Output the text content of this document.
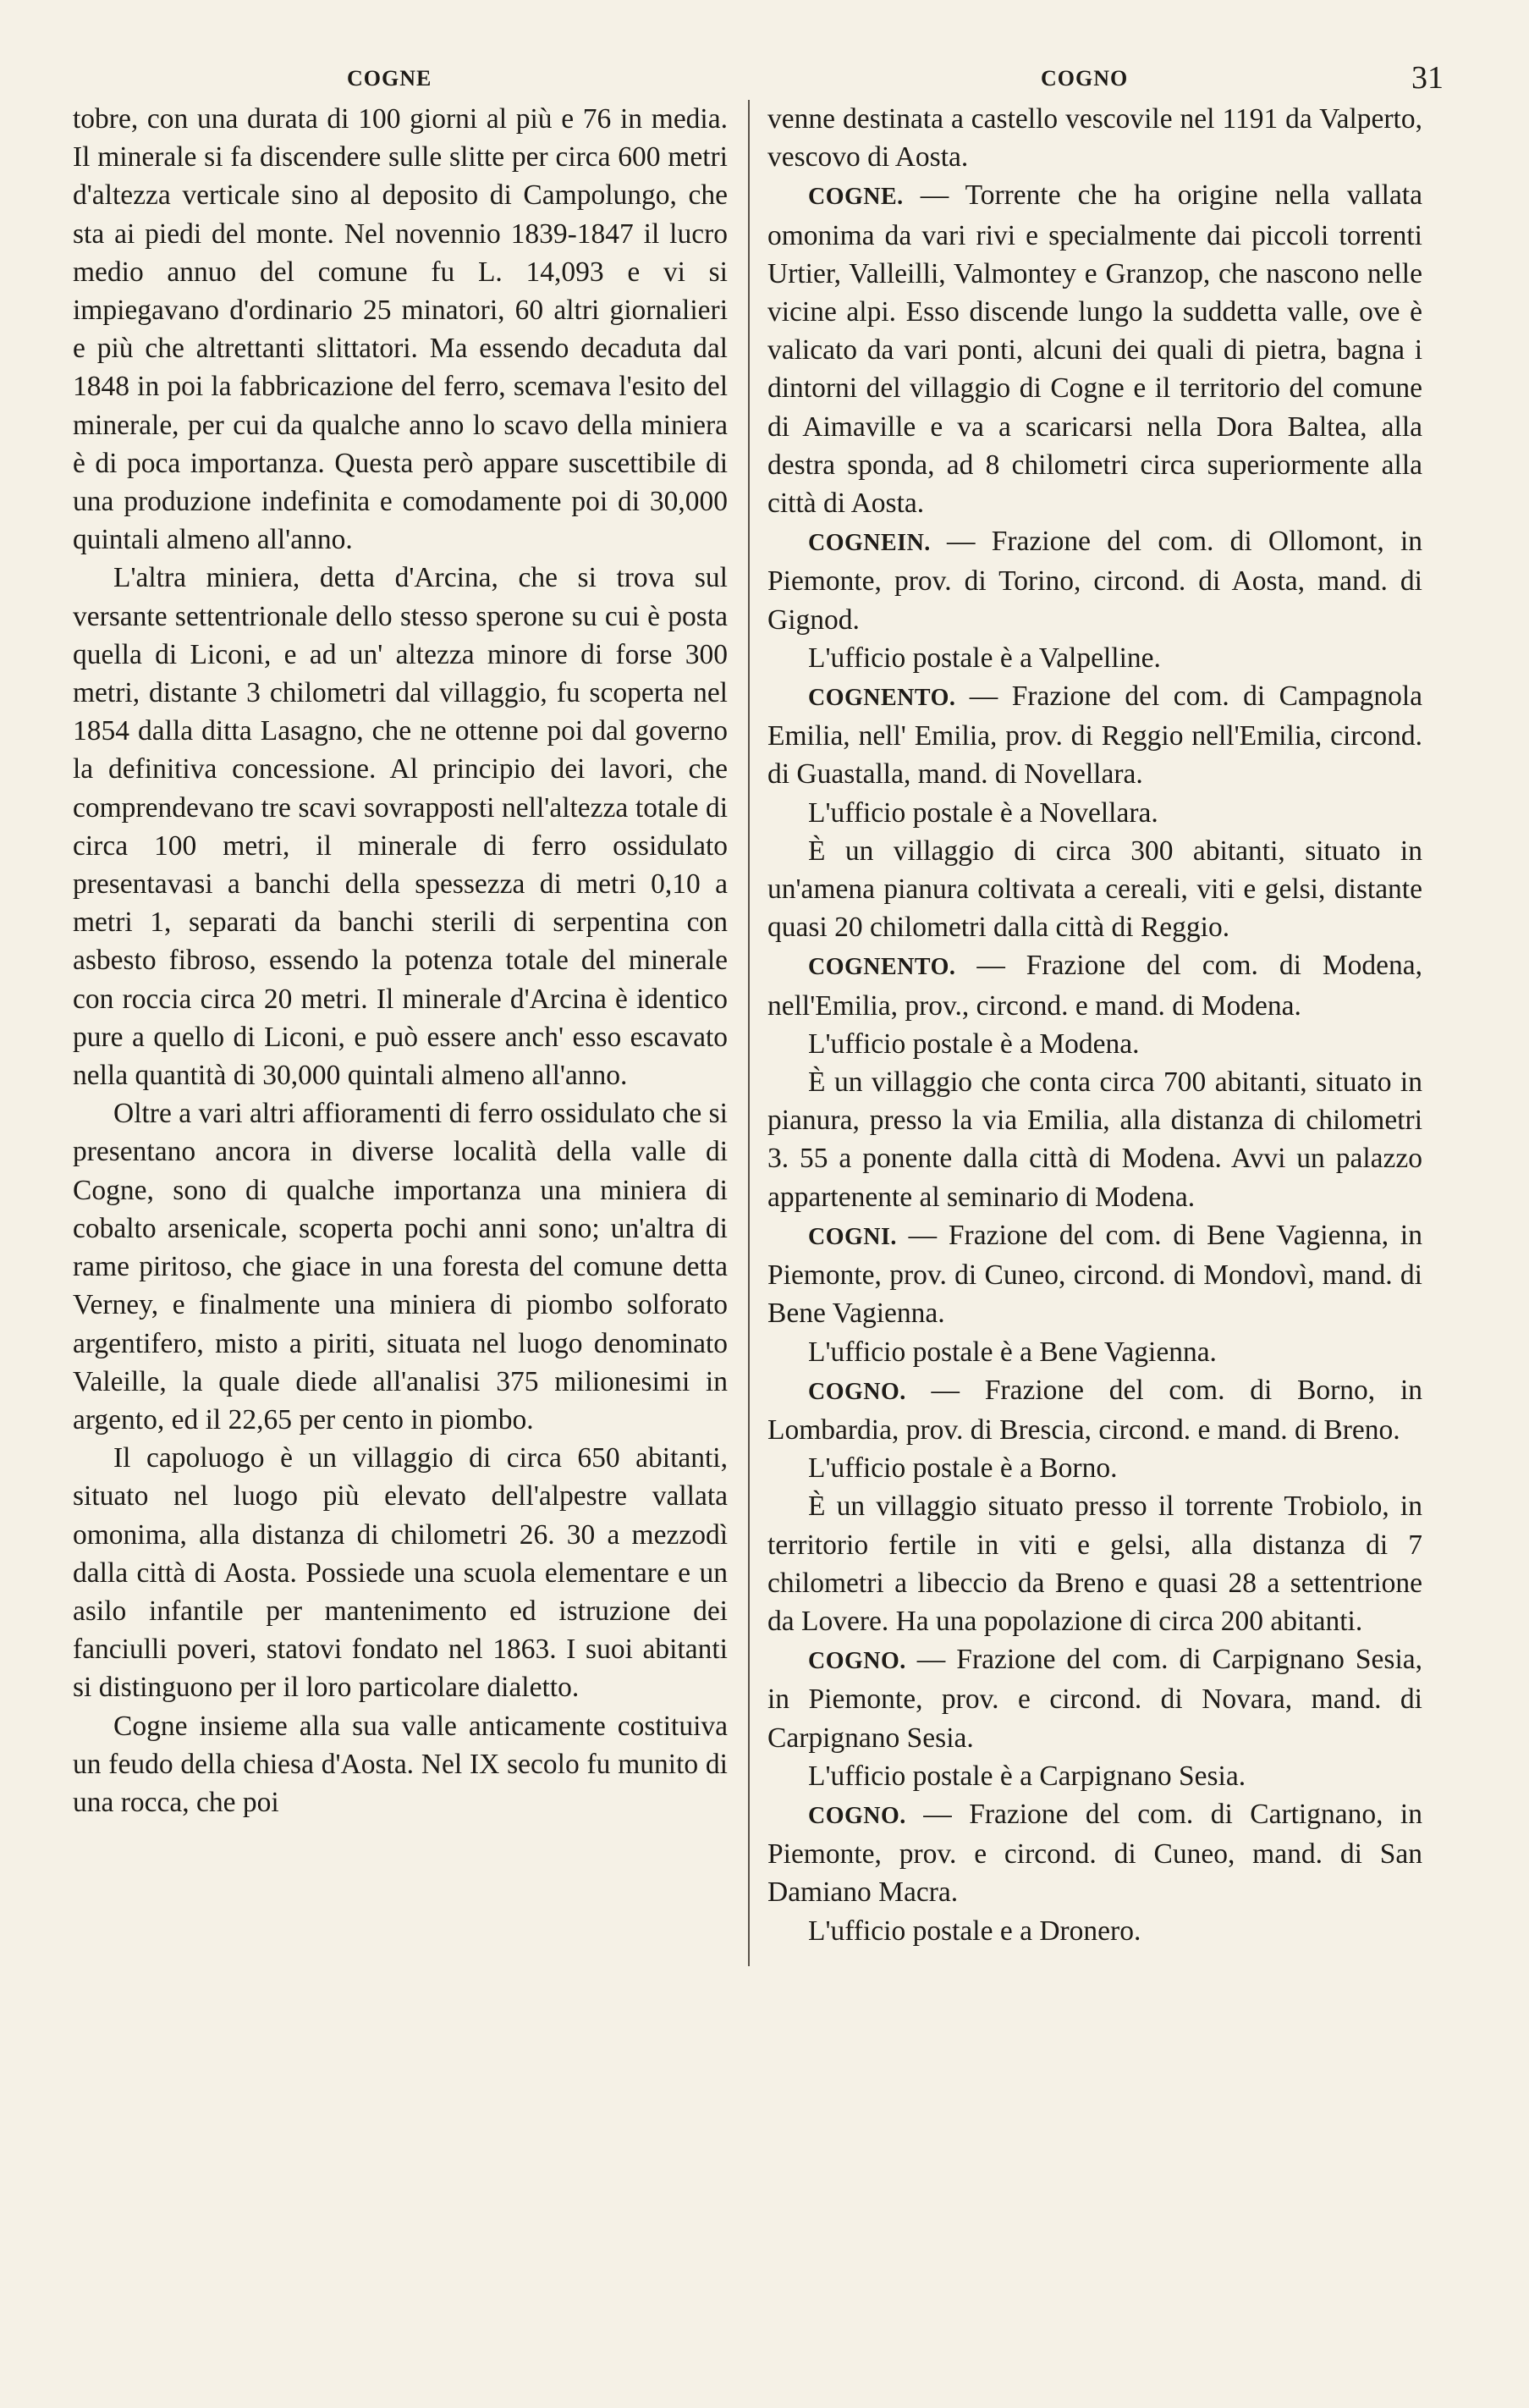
COGNE	COGNO	31

tobre, con una durata di 100 giorni al più e 76 in media. Il minerale si fa discendere sulle slitte per circa 600 metri d'altezza verticale sino al deposito di Campolungo, che sta ai piedi del monte. Nel novennio 1839-1847 il lucro medio annuo del comune fu L. 14,093 e vi si impiegavano d'ordinario 25 minatori, 60 altri giornalieri e più che altrettanti slittatori. Ma essendo decaduta dal 1848 in poi la fabbricazione del ferro, scemava l'esito del minerale, per cui da qualche anno lo scavo della miniera è di poca importanza. Questa però appare suscettibile di una produzione indefinita e comodamente poi di 30,000 quintali almeno all'anno.

L'altra miniera, detta d'Arcina, che si trova sul versante settentrionale dello stesso sperone su cui è posta quella di Liconi, e ad un' altezza minore di forse 300 metri, distante 3 chilometri dal villaggio, fu scoperta nel 1854 dalla ditta Lasagno, che ne ottenne poi dal governo la definitiva concessione. Al principio dei lavori, che comprendevano tre scavi sovrapposti nell'altezza totale di circa 100 metri, il minerale di ferro ossidulato presentavasi a banchi della spessezza di metri 0,10 a metri 1, separati da banchi sterili di serpentina con asbesto fibroso, essendo la potenza totale del minerale con roccia circa 20 metri. Il minerale d'Arcina è identico pure a quello di Liconi, e può essere anch' esso escavato nella quantità di 30,000 quintali almeno all'anno.

Oltre a vari altri affioramenti di ferro ossidulato che si presentano ancora in diverse località della valle di Cogne, sono di qualche importanza una miniera di cobalto arsenicale, scoperta pochi anni sono; un'altra di rame piritoso, che giace in una foresta del comune detta Verney, e finalmente una miniera di piombo solforato argentifero, misto a piriti, situata nel luogo denominato Valeille, la quale diede all'analisi 375 milionesimi in argento, ed il 22,65 per cento in piombo.

Il capoluogo è un villaggio di circa 650 abitanti, situato nel luogo più elevato dell'alpestre vallata omonima, alla distanza di chilometri 26. 30 a mezzodì dalla città di Aosta. Possiede una scuola elementare e un asilo infantile per mantenimento ed istruzione dei fanciulli poveri, statovi fondato nel 1863. I suoi abitanti si distinguono per il loro particolare dialetto.

Cogne insieme alla sua valle anticamente costituiva un feudo della chiesa d'Aosta. Nel IX secolo fu munito di una rocca, che poi

venne destinata a castello vescovile nel 1191 da Valperto, vescovo di Aosta.

COGNE. — Torrente che ha origine nella vallata omonima da vari rivi e specialmente dai piccoli torrenti Urtier, Valleilli, Valmontey e Granzop, che nascono nelle vicine alpi. Esso discende lungo la suddetta valle, ove è valicato da vari ponti, alcuni dei quali di pietra, bagna i dintorni del villaggio di Cogne e il territorio del comune di Aimaville e va a scaricarsi nella Dora Baltea, alla destra sponda, ad 8 chilometri circa superiormente alla città di Aosta.

COGNEIN. — Frazione del com. di Ollomont, in Piemonte, prov. di Torino, circond. di Aosta, mand. di Gignod.

L'ufficio postale è a Valpelline.

COGNENTO. — Frazione del com. di Campagnola Emilia, nell' Emilia, prov. di Reggio nell'Emilia, circond. di Guastalla, mand. di Novellara.

L'ufficio postale è a Novellara.

È un villaggio di circa 300 abitanti, situato in un'amena pianura coltivata a cereali, viti e gelsi, distante quasi 20 chilometri dalla città di Reggio.

COGNENTO. — Frazione del com. di Modena, nell'Emilia, prov., circond. e mand. di Modena.

L'ufficio postale è a Modena.

È un villaggio che conta circa 700 abitanti, situato in pianura, presso la via Emilia, alla distanza di chilometri 3. 55 a ponente dalla città di Modena. Avvi un palazzo appartenente al seminario di Modena.

COGNI. — Frazione del com. di Bene Vagienna, in Piemonte, prov. di Cuneo, circond. di Mondovì, mand. di Bene Vagienna.

L'ufficio postale è a Bene Vagienna.

COGNO. — Frazione del com. di Borno, in Lombardia, prov. di Brescia, circond. e mand. di Breno.

L'ufficio postale è a Borno.

È un villaggio situato presso il torrente Trobiolo, in territorio fertile in viti e gelsi, alla distanza di 7 chilometri a libeccio da Breno e quasi 28 a settentrione da Lovere. Ha una popolazione di circa 200 abitanti.

COGNO. — Frazione del com. di Carpignano Sesia, in Piemonte, prov. e circond. di Novara, mand. di Carpignano Sesia.

L'ufficio postale è a Carpignano Sesia.

COGNO. — Frazione del com. di Cartignano, in Piemonte, prov. e circond. di Cuneo, mand. di San Damiano Macra.

L'ufficio postale e a Dronero.
